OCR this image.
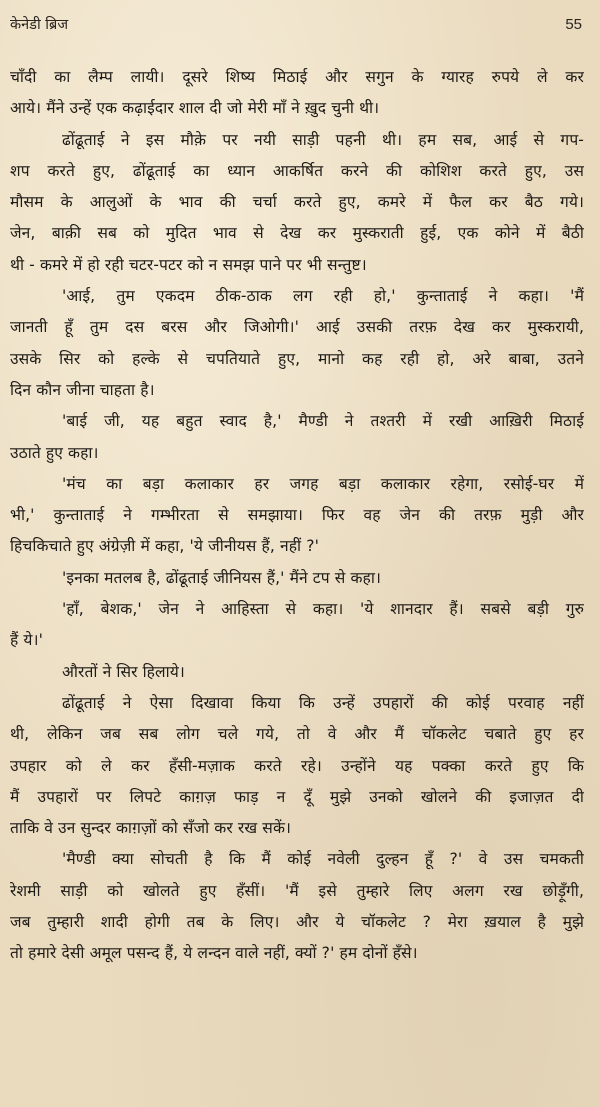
केनेडी ब्रिज	55
चाँदी का लैम्प लायी। दूसरे शिष्य मिठाई और सगुन के ग्यारह रुपये ले कर
आये। मैंने उन्हें एक कढ़ाईदार शाल दी जो मेरी माँ ने ख़ुद चुनी थी।
ढोंढूताई ने इस मौक़े पर नयी साड़ी पहनी थी। हम सब, आई से गप-
शप करते हुए, ढोंढूताई का ध्यान आकर्षित करने की कोशिश करते हुए, उस
मौसम के आलुओं के भाव की चर्चा करते हुए, कमरे में फैल कर बैठ गये।
जेन, बाक़ी सब को मुदित भाव से देख कर मुस्कराती हुई, एक कोने में बैठी
थी - कमरे में हो रही चटर-पटर को न समझ पाने पर भी सन्तुष्ट।
'आई, तुम एकदम ठीक-ठाक लग रही हो,' कुन्ताताई ने कहा। 'मैं
जानती हूँ तुम दस बरस और जिओगी।' आई उसकी तरफ़ देख कर मुस्करायी,
उसके सिर को हल्के से चपतियाते हुए, मानो कह रही हो, अरे बाबा, उतने
दिन कौन जीना चाहता है।
'बाई जी, यह बहुत स्वाद है,' मैण्डी ने तश्तरी में रखी आख़िरी मिठाई
उठाते हुए कहा।
'मंच का बड़ा कलाकार हर जगह बड़ा कलाकार रहेगा, रसोई-घर में
भी,' कुन्ताताई ने गम्भीरता से समझाया। फिर वह जेन की तरफ़ मुड़ी और
हिचकिचाते हुए अंग्रेज़ी में कहा, 'ये जीनीयस हैं, नहीं ?'
'इनका मतलब है, ढोंढूताई जीनियस हैं,' मैंने टप से कहा।
'हाँ, बेशक,' जेन ने आहिस्ता से कहा। 'ये शानदार हैं। सबसे बड़ी गुरु
हैं ये।'
औरतों ने सिर हिलाये।
ढोंढूताई ने ऐसा दिखावा किया कि उन्हें उपहारों की कोई परवाह नहीं
थी, लेकिन जब सब लोग चले गये, तो वे और मैं चॉकलेट चबाते हुए हर
उपहार को ले कर हँसी-मज़ाक करते रहे। उन्होंने यह पक्का करते हुए कि
मैं उपहारों पर लिपटे काग़ज़ फाड़ न दूँ मुझे उनको खोलने की इजाज़त दी
ताकि वे उन सुन्दर काग़ज़ों को सँजो कर रख सकें।
'मैण्डी क्या सोचती है कि मैं कोई नवेली दुल्हन हूँ ?' वे उस चमकती
रेशमी साड़ी को खोलते हुए हँसीं। 'मैं इसे तुम्हारे लिए अलग रख छोड़ूँगी,
जब तुम्हारी शादी होगी तब के लिए। और ये चॉकलेट ? मेरा ख़याल है मुझे
तो हमारे देसी अमूल पसन्द हैं, ये लन्दन वाले नहीं, क्यों ?' हम दोनों हँसे।
